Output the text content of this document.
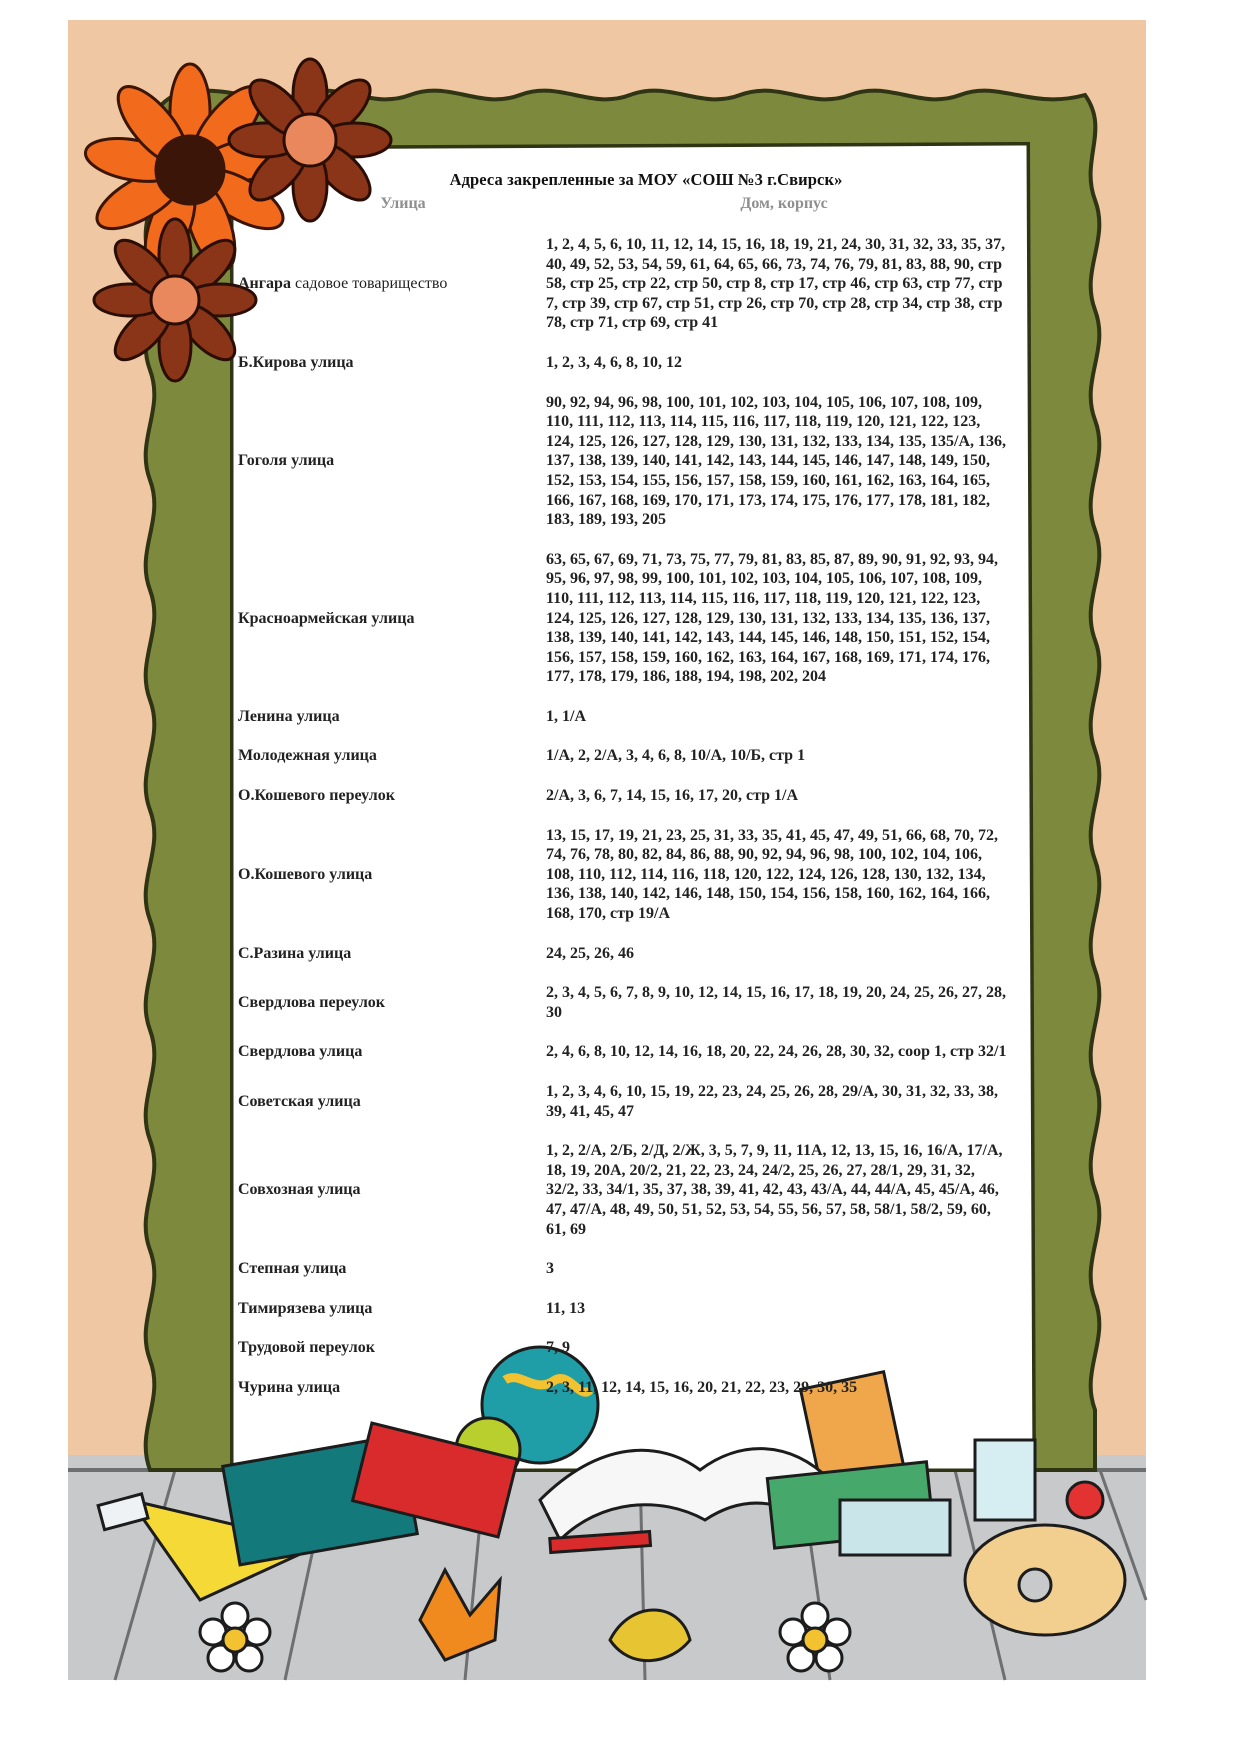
Адреса закрепленные за МОУ «СОШ №3 г.Свирск»
Улица	Дом, корпус
Ангара садовое товарищество	1, 2, 4, 5, 6, 10, 11, 12, 14, 15, 16, 18, 19, 21, 24, 30, 31, 32, 33, 35, 37, 40, 49, 52, 53, 54, 59, 61, 64, 65, 66, 73, 74, 76, 79, 81, 83, 88, 90, стр 58, стр 25, стр 22, стр 50, стр 8, стр 17, стр 46, стр 63, стр 77, стр 7, стр 39, стр 67, стр 51, стр 26, стр 70, стр 28, стр 34, стр 38, стр 78, стр 71, стр 69, стр 41
Б.Кирова улица	1, 2, 3, 4, 6, 8, 10, 12
Гоголя улица	90, 92, 94, 96, 98, 100, 101, 102, 103, 104, 105, 106, 107, 108, 109, 110, 111, 112, 113, 114, 115, 116, 117, 118, 119, 120, 121, 122, 123, 124, 125, 126, 127, 128, 129, 130, 131, 132, 133, 134, 135, 135/А, 136, 137, 138, 139, 140, 141, 142, 143, 144, 145, 146, 147, 148, 149, 150, 152, 153, 154, 155, 156, 157, 158, 159, 160, 161, 162, 163, 164, 165, 166, 167, 168, 169, 170, 171, 173, 174, 175, 176, 177, 178, 181, 182, 183, 189, 193, 205
Красноармейская улица	63, 65, 67, 69, 71, 73, 75, 77, 79, 81, 83, 85, 87, 89, 90, 91, 92, 93, 94, 95, 96, 97, 98, 99, 100, 101, 102, 103, 104, 105, 106, 107, 108, 109, 110, 111, 112, 113, 114, 115, 116, 117, 118, 119, 120, 121, 122, 123, 124, 125, 126, 127, 128, 129, 130, 131, 132, 133, 134, 135, 136, 137, 138, 139, 140, 141, 142, 143, 144, 145, 146, 148, 150, 151, 152, 154, 156, 157, 158, 159, 160, 162, 163, 164, 167, 168, 169, 171, 174, 176, 177, 178, 179, 186, 188, 194, 198, 202, 204
Ленина улица	1, 1/А
Молодежная улица	1/А, 2, 2/А, 3, 4, 6, 8, 10/А, 10/Б, стр 1
О.Кошевого переулок	2/А, 3, 6, 7, 14, 15, 16, 17, 20, стр 1/А
О.Кошевого улица	13, 15, 17, 19, 21, 23, 25, 31, 33, 35, 41, 45, 47, 49, 51, 66, 68, 70, 72, 74, 76, 78, 80, 82, 84, 86, 88, 90, 92, 94, 96, 98, 100, 102, 104, 106, 108, 110, 112, 114, 116, 118, 120, 122, 124, 126, 128, 130, 132, 134, 136, 138, 140, 142, 146, 148, 150, 154, 156, 158, 160, 162, 164, 166, 168, 170, стр 19/А
С.Разина улица	24, 25, 26, 46
Свердлова переулок	2, 3, 4, 5, 6, 7, 8, 9, 10, 12, 14, 15, 16, 17, 18, 19, 20, 24, 25, 26, 27, 28, 30
Свердлова улица	2, 4, 6, 8, 10, 12, 14, 16, 18, 20, 22, 24, 26, 28, 30, 32, соор 1, стр 32/1
Советская улица	1, 2, 3, 4, 6, 10, 15, 19, 22, 23, 24, 25, 26, 28, 29/А, 30, 31, 32, 33, 38, 39, 41, 45, 47
Совхозная улица	1, 2, 2/А, 2/Б, 2/Д, 2/Ж, 3, 5, 7, 9, 11, 11А, 12, 13, 15, 16, 16/А, 17/А, 18, 19, 20А, 20/2, 21, 22, 23, 24, 24/2, 25, 26, 27, 28/1, 29, 31, 32, 32/2, 33, 34/1, 35, 37, 38, 39, 41, 42, 43, 43/А, 44, 44/А, 45, 45/А, 46, 47, 47/А, 48, 49, 50, 51, 52, 53, 54, 55, 56, 57, 58, 58/1, 58/2, 59, 60, 61, 69
Степная улица	3
Тимирязева улица	11, 13
Трудовой переулок	7, 9
Чурина улица	2, 3, 11, 12, 14, 15, 16, 20, 21, 22, 23, 29, 30, 35
